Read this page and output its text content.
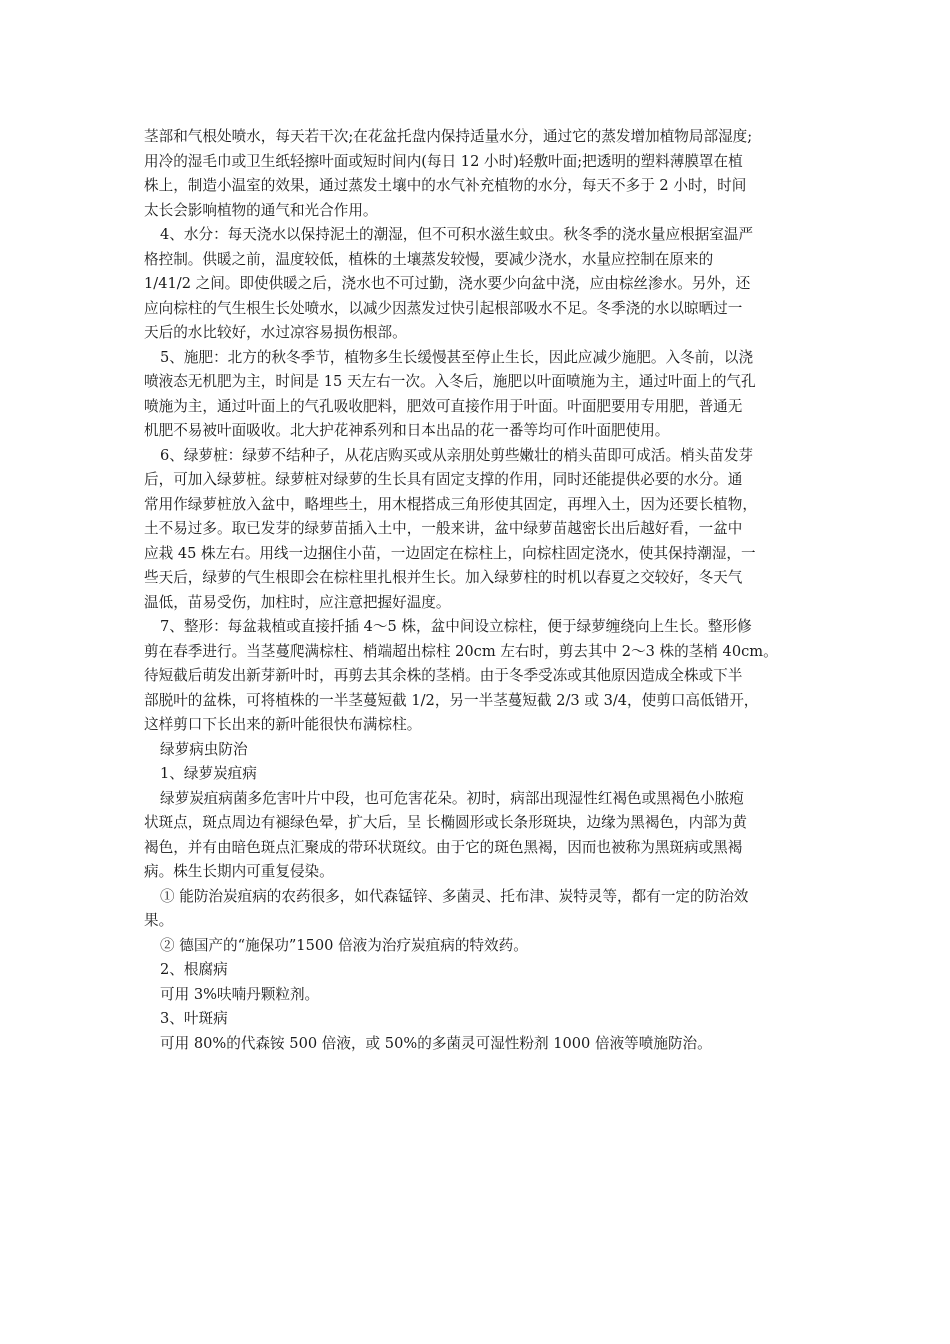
茎部和气根处喷水，每天若干次;在花盆托盘内保持适量水分，通过它的蒸发增加植物局部湿度;
用冷的湿毛巾或卫生纸轻擦叶面或短时间内(每日 12 小时)轻敷叶面;把透明的塑料薄膜罩在植
株上，制造小温室的效果，通过蒸发土壤中的水气补充植物的水分，每天不多于 2 小时，时间
太长会影响植物的通气和光合作用。
4、水分：每天浇水以保持泥土的潮湿，但不可积水滋生蚊虫。秋冬季的浇水量应根据室温严
格控制。供暖之前，温度较低，植株的土壤蒸发较慢，要减少浇水，水量应控制在原来的
1/41/2 之间。即使供暖之后，浇水也不可过勤，浇水要少向盆中浇，应由棕丝渗水。另外，还
应向棕柱的气生根生长处喷水，以减少因蒸发过快引起根部吸水不足。冬季浇的水以晾晒过一
天后的水比较好，水过凉容易损伤根部。
5、施肥：北方的秋冬季节，植物多生长缓慢甚至停止生长，因此应减少施肥。入冬前，以浇
喷液态无机肥为主，时间是 15 天左右一次。入冬后，施肥以叶面喷施为主，通过叶面上的气孔
喷施为主，通过叶面上的气孔吸收肥料，肥效可直接作用于叶面。叶面肥要用专用肥，普通无
机肥不易被叶面吸收。北大护花神系列和日本出品的花一番等均可作叶面肥使用。
6、绿萝桩：绿萝不结种子，从花店购买或从亲朋处剪些嫩壮的梢头苗即可成活。梢头苗发芽
后，可加入绿萝桩。绿萝桩对绿萝的生长具有固定支撑的作用，同时还能提供必要的水分。通
常用作绿萝桩放入盆中，略埋些土，用木棍搭成三角形使其固定，再埋入土，因为还要长植物，
土不易过多。取已发芽的绿萝苗插入土中，一般来讲，盆中绿萝苗越密长出后越好看，一盆中
应栽 45 株左右。用线一边捆住小苗，一边固定在棕柱上，向棕柱固定浇水，使其保持潮湿，一
些天后，绿萝的气生根即会在棕柱里扎根并生长。加入绿萝柱的时机以春夏之交较好，冬天气
温低，苗易受伤，加柱时，应注意把握好温度。
7、整形：每盆栽植或直接扦插 4～5 株，盆中间设立棕柱，便于绿萝缠绕向上生长。整形修
剪在春季进行。当茎蔓爬满棕柱、梢端超出棕柱 20cm 左右时，剪去其中 2～3 株的茎梢 40cm。
待短截后萌发出新芽新叶时，再剪去其余株的茎梢。由于冬季受冻或其他原因造成全株或下半
部脱叶的盆株，可将植株的一半茎蔓短截 1/2，另一半茎蔓短截 2/3 或 3/4，使剪口高低错开，
这样剪口下长出来的新叶能很快布满棕柱。
绿萝病虫防治
1、绿萝炭疽病
绿萝炭疽病菌多危害叶片中段，也可危害花朵。初时，病部出现湿性红褐色或黑褐色小脓疱
状斑点，斑点周边有褪绿色晕，扩大后，呈 长椭圆形或长条形斑块，边缘为黑褐色，内部为黄
褐色，并有由暗色斑点汇聚成的带环状斑纹。由于它的斑色黑褐，因而也被称为黑斑病或黑褐
病。株生长期内可重复侵染。
① 能防治炭疽病的农药很多，如代森锰锌、多菌灵、托布津、炭特灵等，都有一定的防治效
果。
② 德国产的“施保功”1500 倍液为治疗炭疽病的特效药。
2、根腐病
可用 3%呋喃丹颗粒剂。
3、叶斑病
可用 80%的代森铵 500 倍液，或 50%的多菌灵可湿性粉剂 1000 倍液等喷施防治。
